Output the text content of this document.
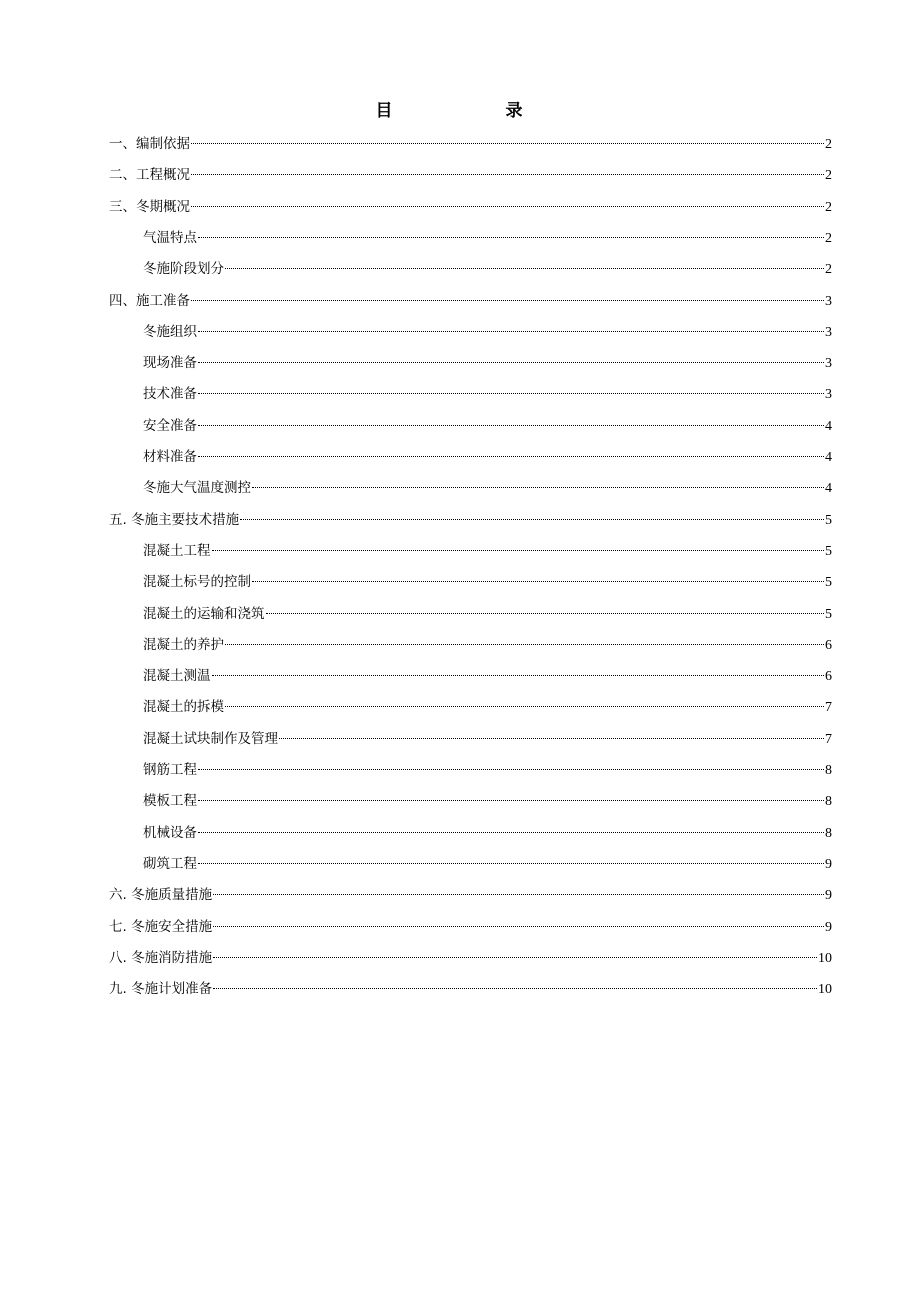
目　录
一、编制依据	2
二、工程概况	2
三、冬期概况	2
气温特点	2
冬施阶段划分	2
四、施工准备	3
冬施组织	3
现场准备	3
技术准备	3
安全准备	4
材料准备	4
冬施大气温度测控	4
五. 冬施主要技术措施	5
混凝土工程	5
混凝土标号的控制	5
混凝土的运输和浇筑	5
混凝土的养护	6
混凝土测温	6
混凝土的拆模	7
混凝土试块制作及管理	7
钢筋工程	8
模板工程	8
机械设备	8
砌筑工程	9
六. 冬施质量措施	9
七. 冬施安全措施	9
八. 冬施消防措施	10
九. 冬施计划准备	10
